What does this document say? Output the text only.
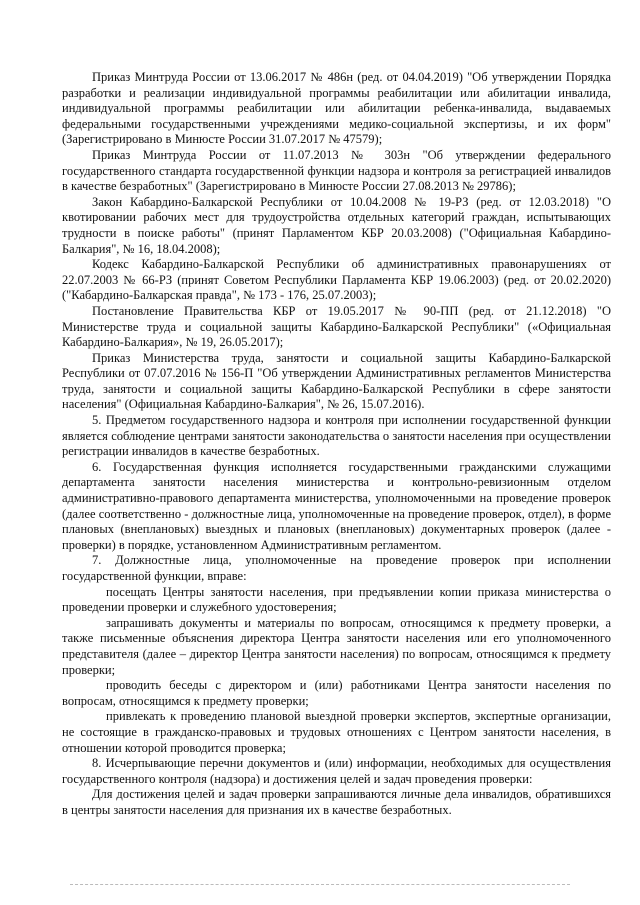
Приказ Минтруда России от 13.06.2017 № 486н (ред. от 04.04.2019) "Об утверждении Порядка разработки и реализации индивидуальной программы реабилитации или абилитации инвалида, индивидуальной программы реабилитации или абилитации ребенка-инвалида, выдаваемых федеральными государственными учреждениями медико-социальной экспертизы, и их форм" (Зарегистрировано в Минюсте России 31.07.2017 № 47579);

Приказ Минтруда России от 11.07.2013 № 303н "Об утверждении федерального государственного стандарта государственной функции надзора и контроля за регистрацией инвалидов в качестве безработных" (Зарегистрировано в Минюсте России 27.08.2013 № 29786);

Закон Кабардино-Балкарской Республики от 10.04.2008 № 19-РЗ (ред. от 12.03.2018) "О квотировании рабочих мест для трудоустройства отдельных категорий граждан, испытывающих трудности в поиске работы" (принят Парламентом КБР 20.03.2008) ("Официальная Кабардино-Балкария", № 16, 18.04.2008);

Кодекс Кабардино-Балкарской Республики об административных правонарушениях от 22.07.2003 № 66-РЗ (принят Советом Республики Парламента КБР 19.06.2003) (ред. от 20.02.2020) ("Кабардино-Балкарская правда", № 173 - 176, 25.07.2003);

Постановление Правительства КБР от 19.05.2017 № 90-ПП (ред. от 21.12.2018) "О Министерстве труда и социальной защиты Кабардино-Балкарской Республики" («Официальная Кабардино-Балкария», № 19, 26.05.2017);

Приказ Министерства труда, занятости и социальной защиты Кабардино-Балкарской Республики от 07.07.2016 № 156-П "Об утверждении Административных регламентов Министерства труда, занятости и социальной защиты Кабардино-Балкарской Республики в сфере занятости населения" (Официальная Кабардино-Балкария", № 26, 15.07.2016).

5. Предметом государственного надзора и контроля при исполнении государственной функции является соблюдение центрами занятости законодательства о занятости населения при осуществлении регистрации инвалидов в качестве безработных.

6. Государственная функция исполняется государственными гражданскими служащими департамента занятости населения министерства и контрольно-ревизионным отделом административно-правового департамента министерства, уполномоченными на проведение проверок (далее соответственно - должностные лица, уполномоченные на проведение проверок, отдел), в форме плановых (внеплановых) выездных и плановых (внеплановых) документарных проверок (далее - проверки) в порядке, установленном Административным регламентом.

7. Должностные лица, уполномоченные на проведение проверок при исполнении государственной функции, вправе:

посещать Центры занятости населения, при предъявлении копии приказа министерства о проведении проверки и служебного удостоверения;

запрашивать документы и материалы по вопросам, относящимся к предмету проверки, а также письменные объяснения директора Центра занятости населения или его уполномоченного представителя (далее – директор Центра занятости населения) по вопросам, относящимся к предмету проверки;

проводить беседы с директором и (или) работниками Центра занятости населения по вопросам, относящимся к предмету проверки;

привлекать к проведению плановой выездной проверки экспертов, экспертные организации, не состоящие в гражданско-правовых и трудовых отношениях с Центром занятости населения, в отношении которой проводится проверка;

8. Исчерпывающие перечни документов и (или) информации, необходимых для осуществления государственного контроля (надзора) и достижения целей и задач проведения проверки:

Для достижения целей и задач проверки запрашиваются личные дела инвалидов, обратившихся в центры занятости населения для признания их в качестве безработных.
